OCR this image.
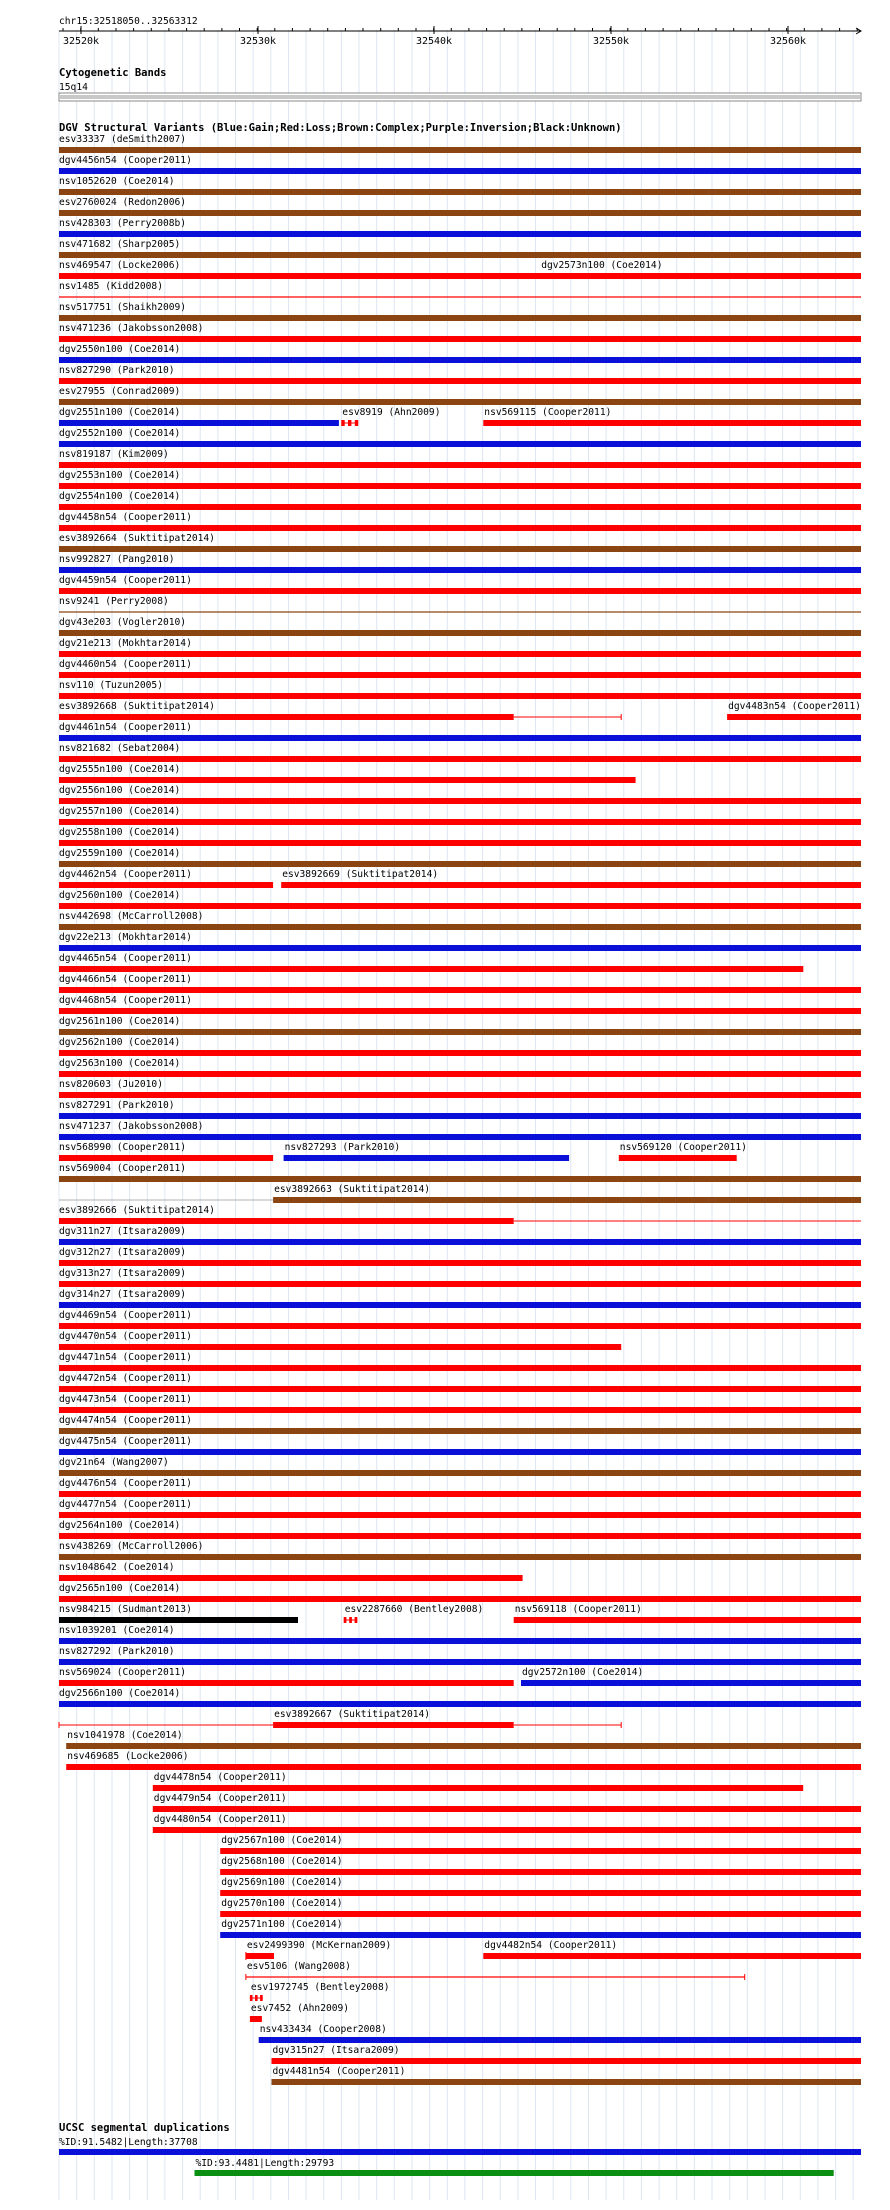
chr15:32518050..32563312
32520k	32530k	32540k	32550k	32560k
Cytogenetic Bands
15q14
DGV Structural Variants (Blue:Gain;Red:Loss;Brown:Complex;Purple:Inversion;Black:Unknown)
esv33337 (deSmith2007)
dgv4456n54 (Cooper2011)
nsv1052620 (Coe2014)
esv2760024 (Redon2006)
nsv428303 (Perry2008b)
nsv471682 (Sharp2005)
nsv469547 (Locke2006)	dgv2573n100 (Coe2014)
nsv1485 (Kidd2008)
nsv517751 (Shaikh2009)
nsv471236 (Jakobsson2008)
dgv2550n100 (Coe2014)
nsv827290 (Park2010)
esv27955 (Conrad2009)
dgv2551n100 (Coe2014)	esv8919 (Ahn2009)	nsv569115 (Cooper2011)
dgv2552n100 (Coe2014)
nsv819187 (Kim2009)
dgv2553n100 (Coe2014)
dgv2554n100 (Coe2014)
dgv4458n54 (Cooper2011)
esv3892664 (Suktitipat2014)
nsv992827 (Pang2010)
dgv4459n54 (Cooper2011)
nsv9241 (Perry2008)
dgv43e203 (Vogler2010)
dgv21e213 (Mokhtar2014)
dgv4460n54 (Cooper2011)
nsv110 (Tuzun2005)
esv3892668 (Suktitipat2014)	dgv4483n54 (Cooper2011)
dgv4461n54 (Cooper2011)
nsv821682 (Sebat2004)
dgv2555n100 (Coe2014)
dgv2556n100 (Coe2014)
dgv2557n100 (Coe2014)
dgv2558n100 (Coe2014)
dgv2559n100 (Coe2014)
dgv4462n54 (Cooper2011)	esv3892669 (Suktitipat2014)
dgv2560n100 (Coe2014)
nsv442698 (McCarroll2008)
dgv22e213 (Mokhtar2014)
dgv4465n54 (Cooper2011)
dgv4466n54 (Cooper2011)
dgv4468n54 (Cooper2011)
dgv2561n100 (Coe2014)
dgv2562n100 (Coe2014)
dgv2563n100 (Coe2014)
nsv820603 (Ju2010)
nsv827291 (Park2010)
nsv471237 (Jakobsson2008)
nsv568990 (Cooper2011)	nsv827293 (Park2010)	nsv569120 (Cooper2011)
nsv569004 (Cooper2011)
esv3892663 (Suktitipat2014)
esv3892666 (Suktitipat2014)
dgv311n27 (Itsara2009)
dgv312n27 (Itsara2009)
dgv313n27 (Itsara2009)
dgv314n27 (Itsara2009)
dgv4469n54 (Cooper2011)
dgv4470n54 (Cooper2011)
dgv4471n54 (Cooper2011)
dgv4472n54 (Cooper2011)
dgv4473n54 (Cooper2011)
dgv4474n54 (Cooper2011)
dgv4475n54 (Cooper2011)
dgv21n64 (Wang2007)
dgv4476n54 (Cooper2011)
dgv4477n54 (Cooper2011)
dgv2564n100 (Coe2014)
nsv438269 (McCarroll2006)
nsv1048642 (Coe2014)
dgv2565n100 (Coe2014)
nsv984215 (Sudmant2013)	esv2287660 (Bentley2008)	nsv569118 (Cooper2011)
nsv1039201 (Coe2014)
nsv827292 (Park2010)
nsv569024 (Cooper2011)	dgv2572n100 (Coe2014)
dgv2566n100 (Coe2014)
esv3892667 (Suktitipat2014)
nsv1041978 (Coe2014)
nsv469685 (Locke2006)
dgv4478n54 (Cooper2011)
dgv4479n54 (Cooper2011)
dgv4480n54 (Cooper2011)
dgv2567n100 (Coe2014)
dgv2568n100 (Coe2014)
dgv2569n100 (Coe2014)
dgv2570n100 (Coe2014)
dgv2571n100 (Coe2014)
esv2499390 (McKernan2009)	dgv4482n54 (Cooper2011)
esv5106 (Wang2008)
esv1972745 (Bentley2008)
esv7452 (Ahn2009)
nsv433434 (Cooper2008)
dgv315n27 (Itsara2009)
dgv4481n54 (Cooper2011)
UCSC segmental duplications
%ID:91.5482|Length:37708
%ID:93.4481|Length:29793
